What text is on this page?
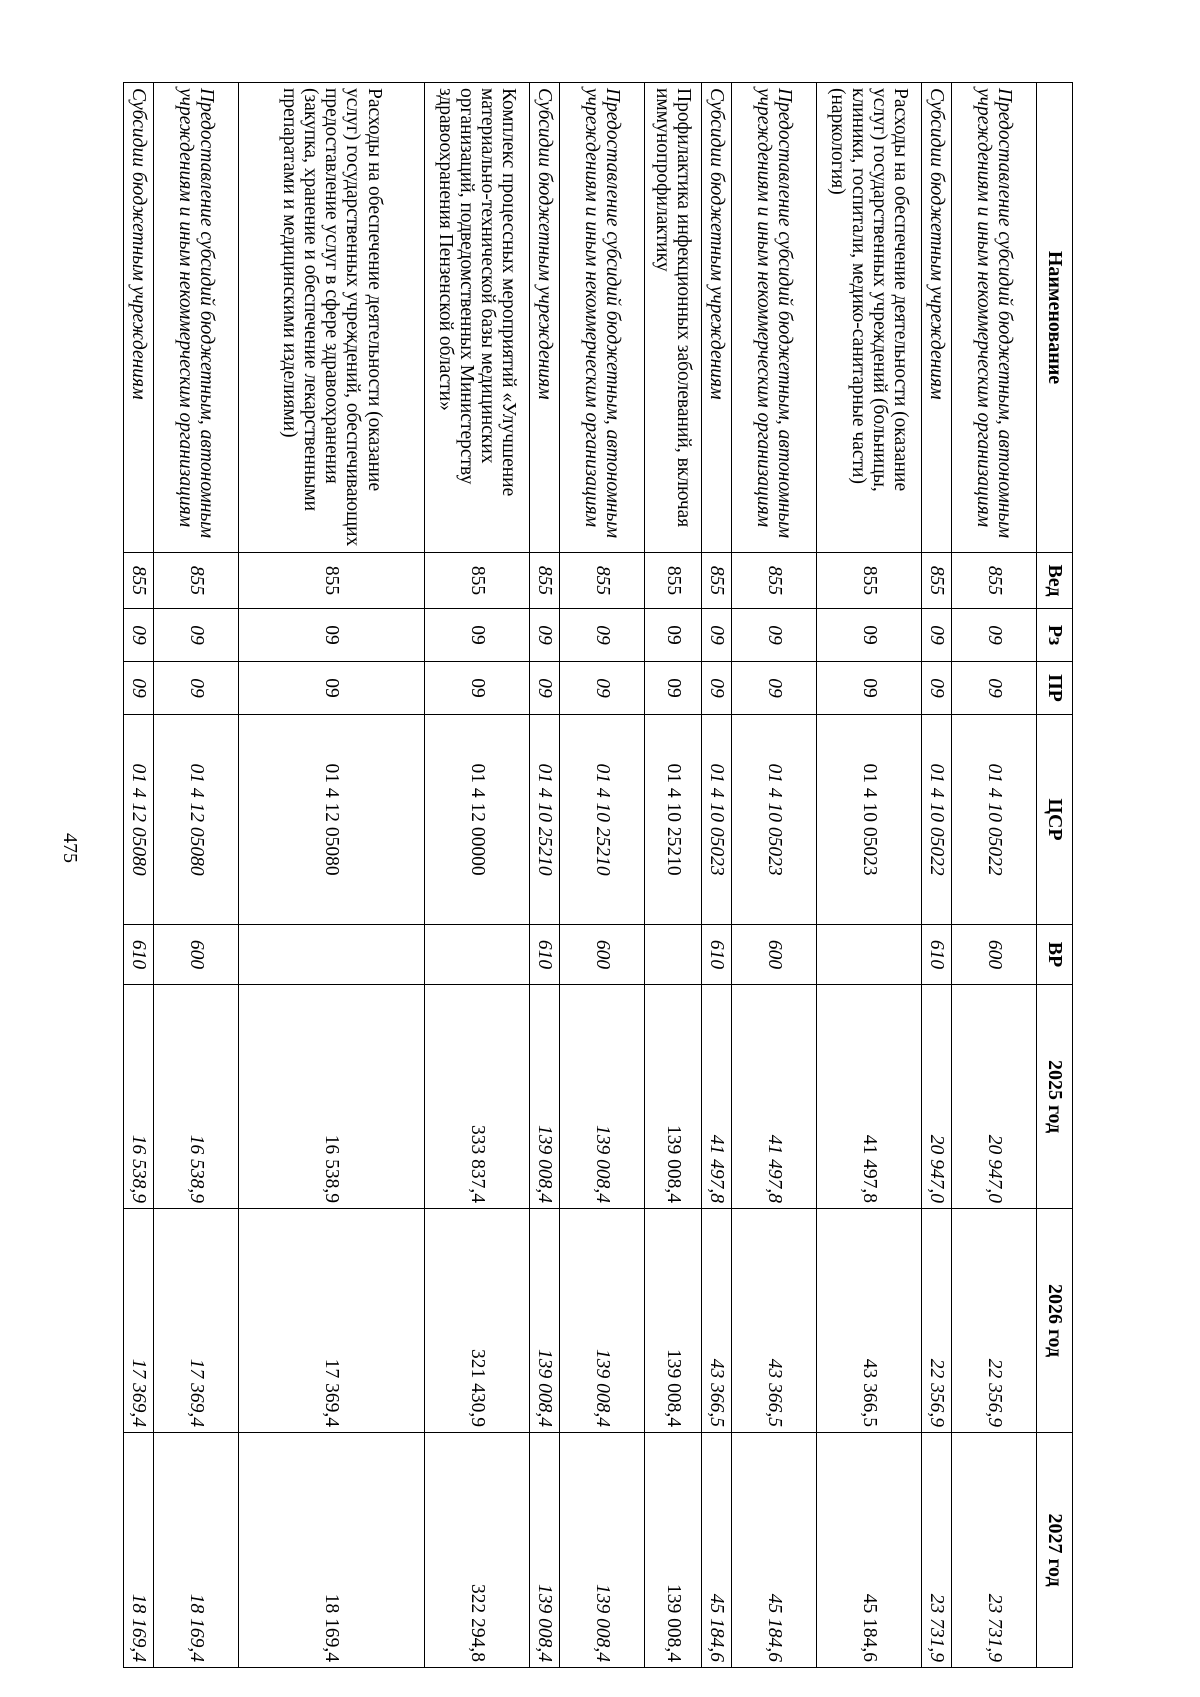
475
Наименование	Вед	Рз	ПР	ЦСР	ВР	2025 год	2026 год	2027 год
Предоставление субсидий бюджетным, автономным учреждениям и иным некоммерческим организациям	855	09	09	01 4 10 05022	600	20 947,0	22 356,9	23 731,9
Субсидии бюджетным учреждениям	855	09	09	01 4 10 05022	610	20 947,0	22 356,9	23 731,9
Расходы на обеспечение деятельности (оказание услуг) государственных учреждений (больницы, клиники, госпитали, медико-санитарные части) (наркология)	855	09	09	01 4 10 05023		41 497,8	43 366,5	45 184,6
Предоставление субсидий бюджетным, автономным учреждениям и иным некоммерческим организациям	855	09	09	01 4 10 05023	600	41 497,8	43 366,5	45 184,6
Субсидии бюджетным учреждениям	855	09	09	01 4 10 05023	610	41 497,8	43 366,5	45 184,6
Профилактика инфекционных заболеваний, включая иммунопрофилактику	855	09	09	01 4 10 25210		139 008,4	139 008,4	139 008,4
Предоставление субсидий бюджетным, автономным учреждениям и иным некоммерческим организациям	855	09	09	01 4 10 25210	600	139 008,4	139 008,4	139 008,4
Субсидии бюджетным учреждениям	855	09	09	01 4 10 25210	610	139 008,4	139 008,4	139 008,4
Комплекс процессных мероприятий «Улучшение материально-технической базы медицинских организаций, подведомственных Министерству здравоохранения Пензенской области»	855	09	09	01 4 12 00000		333 837,4	321 430,9	322 294,8
Расходы на обеспечение деятельности (оказание услуг) государственных учреждений, обеспечивающих предоставление услуг в сфере здравоохранения (закупка, хранение и обеспечение лекарственными препаратами и медицинскими изделиями)	855	09	09	01 4 12 05080		16 538,9	17 369,4	18 169,4
Предоставление субсидий бюджетным, автономным учреждениям и иным некоммерческим организациям	855	09	09	01 4 12 05080	600	16 538,9	17 369,4	18 169,4
Субсидии бюджетным учреждениям	855	09	09	01 4 12 05080	610	16 538,9	17 369,4	18 169,4
